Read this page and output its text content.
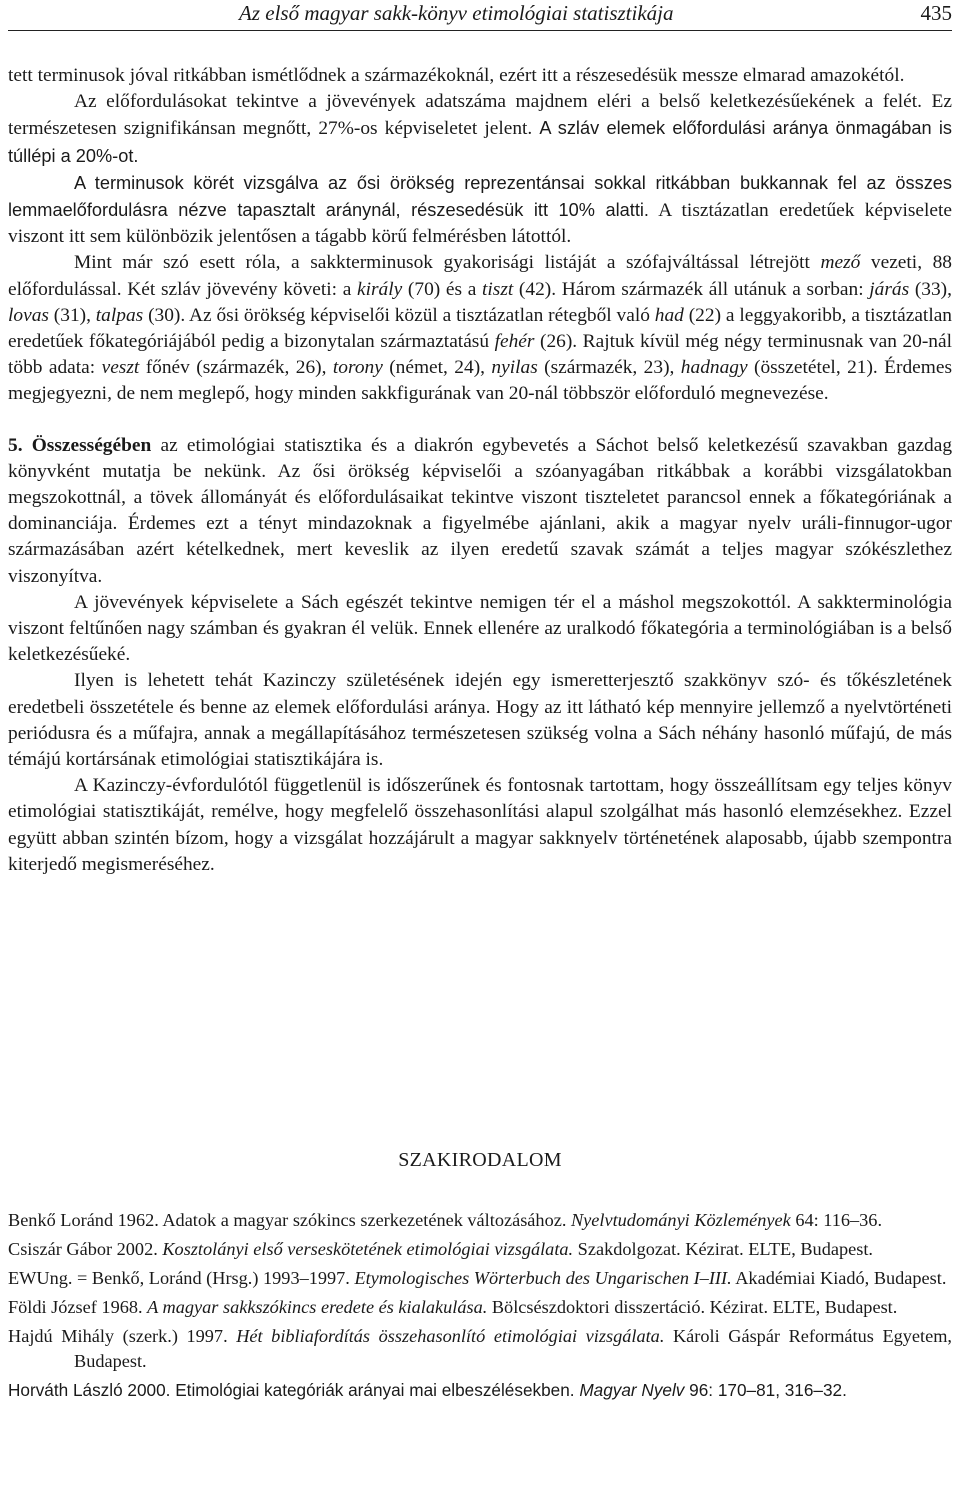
Az első magyar sakk-könyv etimológiai statisztikája	435

tett terminusok jóval ritkábban ismétlődnek a származékoknál, ezért itt a részesedésük messze elmarad amazokétól.

Az előfordulásokat tekintve a jövevények adatszáma majdnem eléri a belső keletkezésűekének a felét. Ez természetesen szignifikánsan megnőtt, 27%-os képviseletet jelent. A szláv elemek előfordulási aránya önmagában is túllépi a 20%-ot.

A terminusok körét vizsgálva az ősi örökség reprezentánsai sokkal ritkábban bukkannak fel az összes lemmaelőfordulásra nézve tapasztalt aránynál, részesedésük itt 10% alatti. A tisztázatlan eredetűek képviselete viszont itt sem különbözik jelentősen a tágabb körű felmérésben látottól.

Mint már szó esett róla, a sakkterminusok gyakorisági listáját a szófajváltással létrejött mező vezeti, 88 előfordulással. Két szláv jövevény követi: a király (70) és a tiszt (42). Három származék áll utánuk a sorban: járás (33), lovas (31), talpas (30). Az ősi örökség képviselői közül a tisztázatlan rétegből való had (22) a leggyakoribb, a tisztázatlan eredetűek főkategóriájából pedig a bizonytalan származtatású fehér (26). Rajtuk kívül még négy terminusnak van 20-nál több adata: veszt főnév (származék, 26), torony (német, 24), nyilas (származék, 23), hadnagy (összetétel, 21). Érdemes megjegyezni, de nem meglepő, hogy minden sakkfigurának van 20-nál többször előforduló megnevezése.

5. Összességében az etimológiai statisztika és a diakrón egybevetés a Sáchot belső keletkezésű szavakban gazdag könyvként mutatja be nekünk. Az ősi örökség képviselői a szóanyagában ritkábbak a korábbi vizsgálatokban megszokottnál, a tövek állományát és előfordulásaikat tekintve viszont tiszteletet parancsol ennek a főkategóriának a dominanciája. Érdemes ezt a tényt mindazoknak a figyelmébe ajánlani, akik a magyar nyelv uráli-finnugor-ugor származásában azért kételkednek, mert keveslik az ilyen eredetű szavak számát a teljes magyar szókészlethez viszonyítva.

A jövevények képviselete a Sách egészét tekintve nemigen tér el a máshol megszokottól. A sakkterminológia viszont feltűnően nagy számban és gyakran él velük. Ennek ellenére az uralkodó főkategória a terminológiában is a belső keletkezésűeké.

Ilyen is lehetett tehát Kazinczy születésének idején egy ismeretterjesztő szakkönyv szó- és tőkészletének eredetbeli összetétele és benne az elemek előfordulási aránya. Hogy az itt látható kép mennyire jellemző a nyelvtörténeti periódusra és a műfajra, annak a megállapításához természetesen szükség volna a Sách néhány hasonló műfajú, de más témájú kortársának etimológiai statisztikájára is.

A Kazinczy-évfordulótól függetlenül is időszerűnek és fontosnak tartottam, hogy összeállítsam egy teljes könyv etimológiai statisztikáját, remélve, hogy megfelelő összehasonlítási alapul szolgálhat más hasonló elemzésekhez. Ezzel együtt abban szintén bízom, hogy a vizsgálat hozzájárult a magyar sakknyelv történetének alaposabb, újabb szempontra kiterjedő megismeréséhez.

SZAKIRODALOM
Benkő Loránd 1962. Adatok a magyar szókincs szerkezetének változásához. Nyelvtudományi Közlemények 64: 116–36.
Csiszár Gábor 2002. Kosztolányi első verseskötetének etimológiai vizsgálata. Szakdolgozat. Kézirat. ELTE, Budapest.
EWUng. = Benkő, Loránd (Hrsg.) 1993–1997. Etymologisches Wörterbuch des Ungarischen I–III. Akadémiai Kiadó, Budapest.
Földi József 1968. A magyar sakkszókincs eredete és kialakulása. Bölcsészdoktori disszertáció. Kézirat. ELTE, Budapest.
Hajdú Mihály (szerk.) 1997. Hét bibliafordítás összehasonlító etimológiai vizsgálata. Károli Gáspár Református Egyetem, Budapest.
Horváth László 2000. Etimológiai kategóriák arányai mai elbeszélésekben. Magyar Nyelv 96: 170–81, 316–32.
